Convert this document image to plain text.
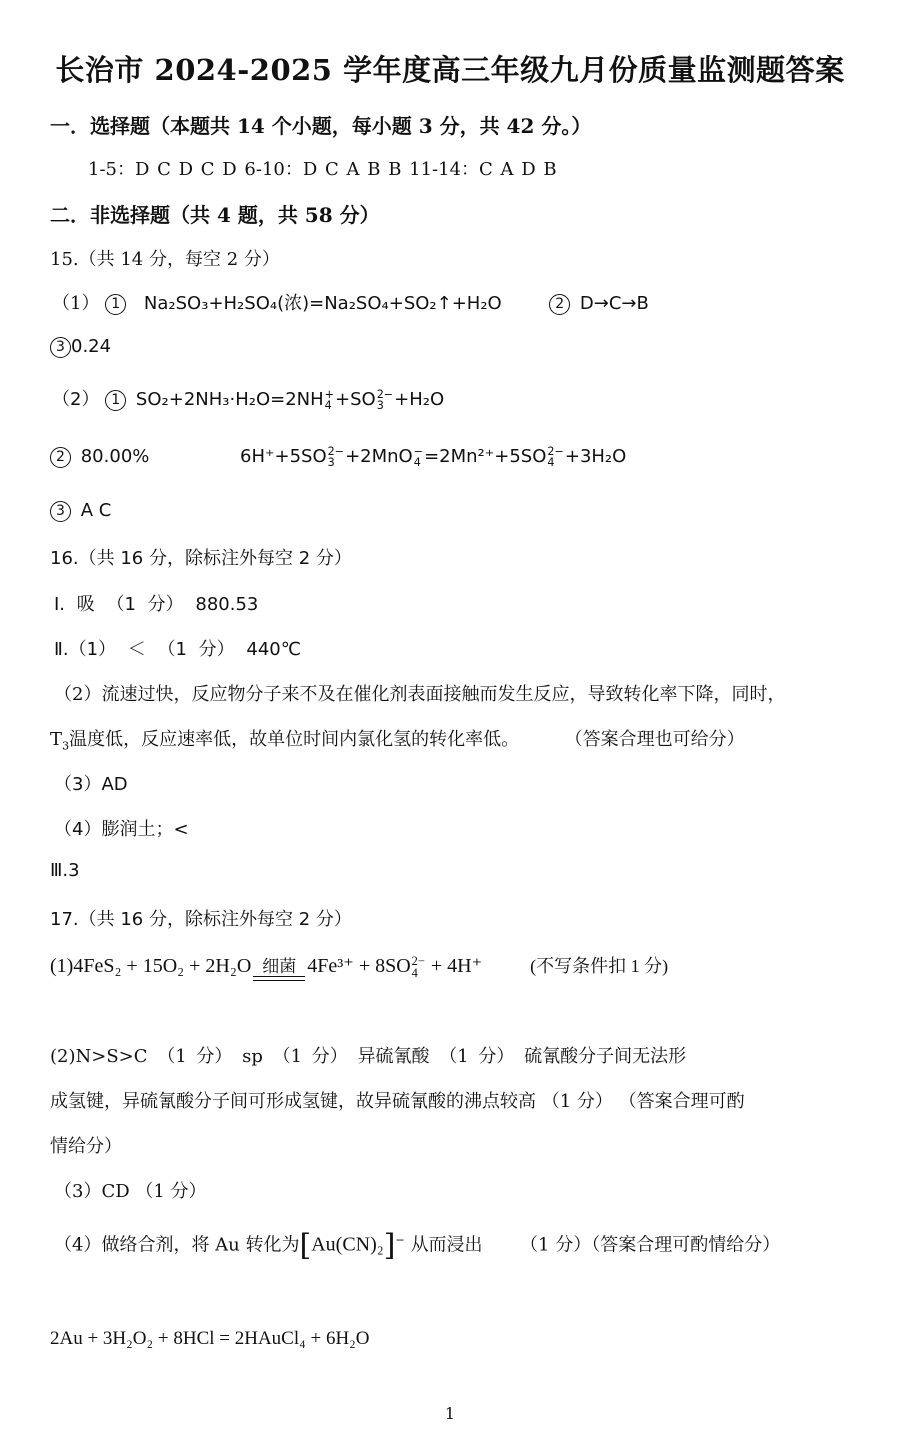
长治市 2024-2025 学年度高三年级九月份质量监测题答案
一．选择题（本题共 14 个小题，每小题 3 分，共 42 分。）
1-5：D C D C D 6-10：D C A B B 11-14：C A D B
二．非选择题（共 4 题，共 58 分）
15.（共 14 分，每空 2 分）
（1） 1 Na₂SO₃+H₂SO₄(浓)=Na₂SO₄+SO₂↑+H₂O	2 D→C→B
3 0.24
（2） 1 SO₂+2NH₃·H₂O=2NH +
4 +SO 2−
3 +H₂O
2 80.00%	6H⁺+5SO 2−
3 +2MnO −
4 =2Mn²⁺+5SO 2−
4 +3H₂O
3 A C
16.（共 16 分，除标注外每空 2 分）
Ⅰ. 吸 （1 分） 880.53
Ⅱ.（1） ＜ （1 分） 440℃
（2）流速过快，反应物分子来不及在催化剂表面接触而发生反应，导致转化率下降，同时，
$T_3$温度低，反应速率低，故单位时间内氯化氢的转化率低。	（答案合理也可给分）
（3）AD
（4）膨润土；<
Ⅲ.3
17.（共 16 分，除标注外每空 2 分）
(1)4FeS₂ + 15O₂ + 2H₂O 细菌 4Fe³⁺ + 8SO 2−
4 + 4H⁺	(不写条件扣 1 分)
(2)N>S>C （1 分） sp （1 分） 异硫氰酸 （1 分） 硫氰酸分子间无法形
成氢键，异硫氰酸分子间可形成氢键，故异硫氰酸的沸点较高 （1 分） （答案合理可酌
情给分）
（3）CD （1 分）
（4）做络合剂，将 Au 转化为[Au(CN)₂]− 从而浸出 （1 分）（答案合理可酌情给分）
2Au + 3H₂O₂ + 8HCl = 2HAuCl₄ + 6H₂O
1
